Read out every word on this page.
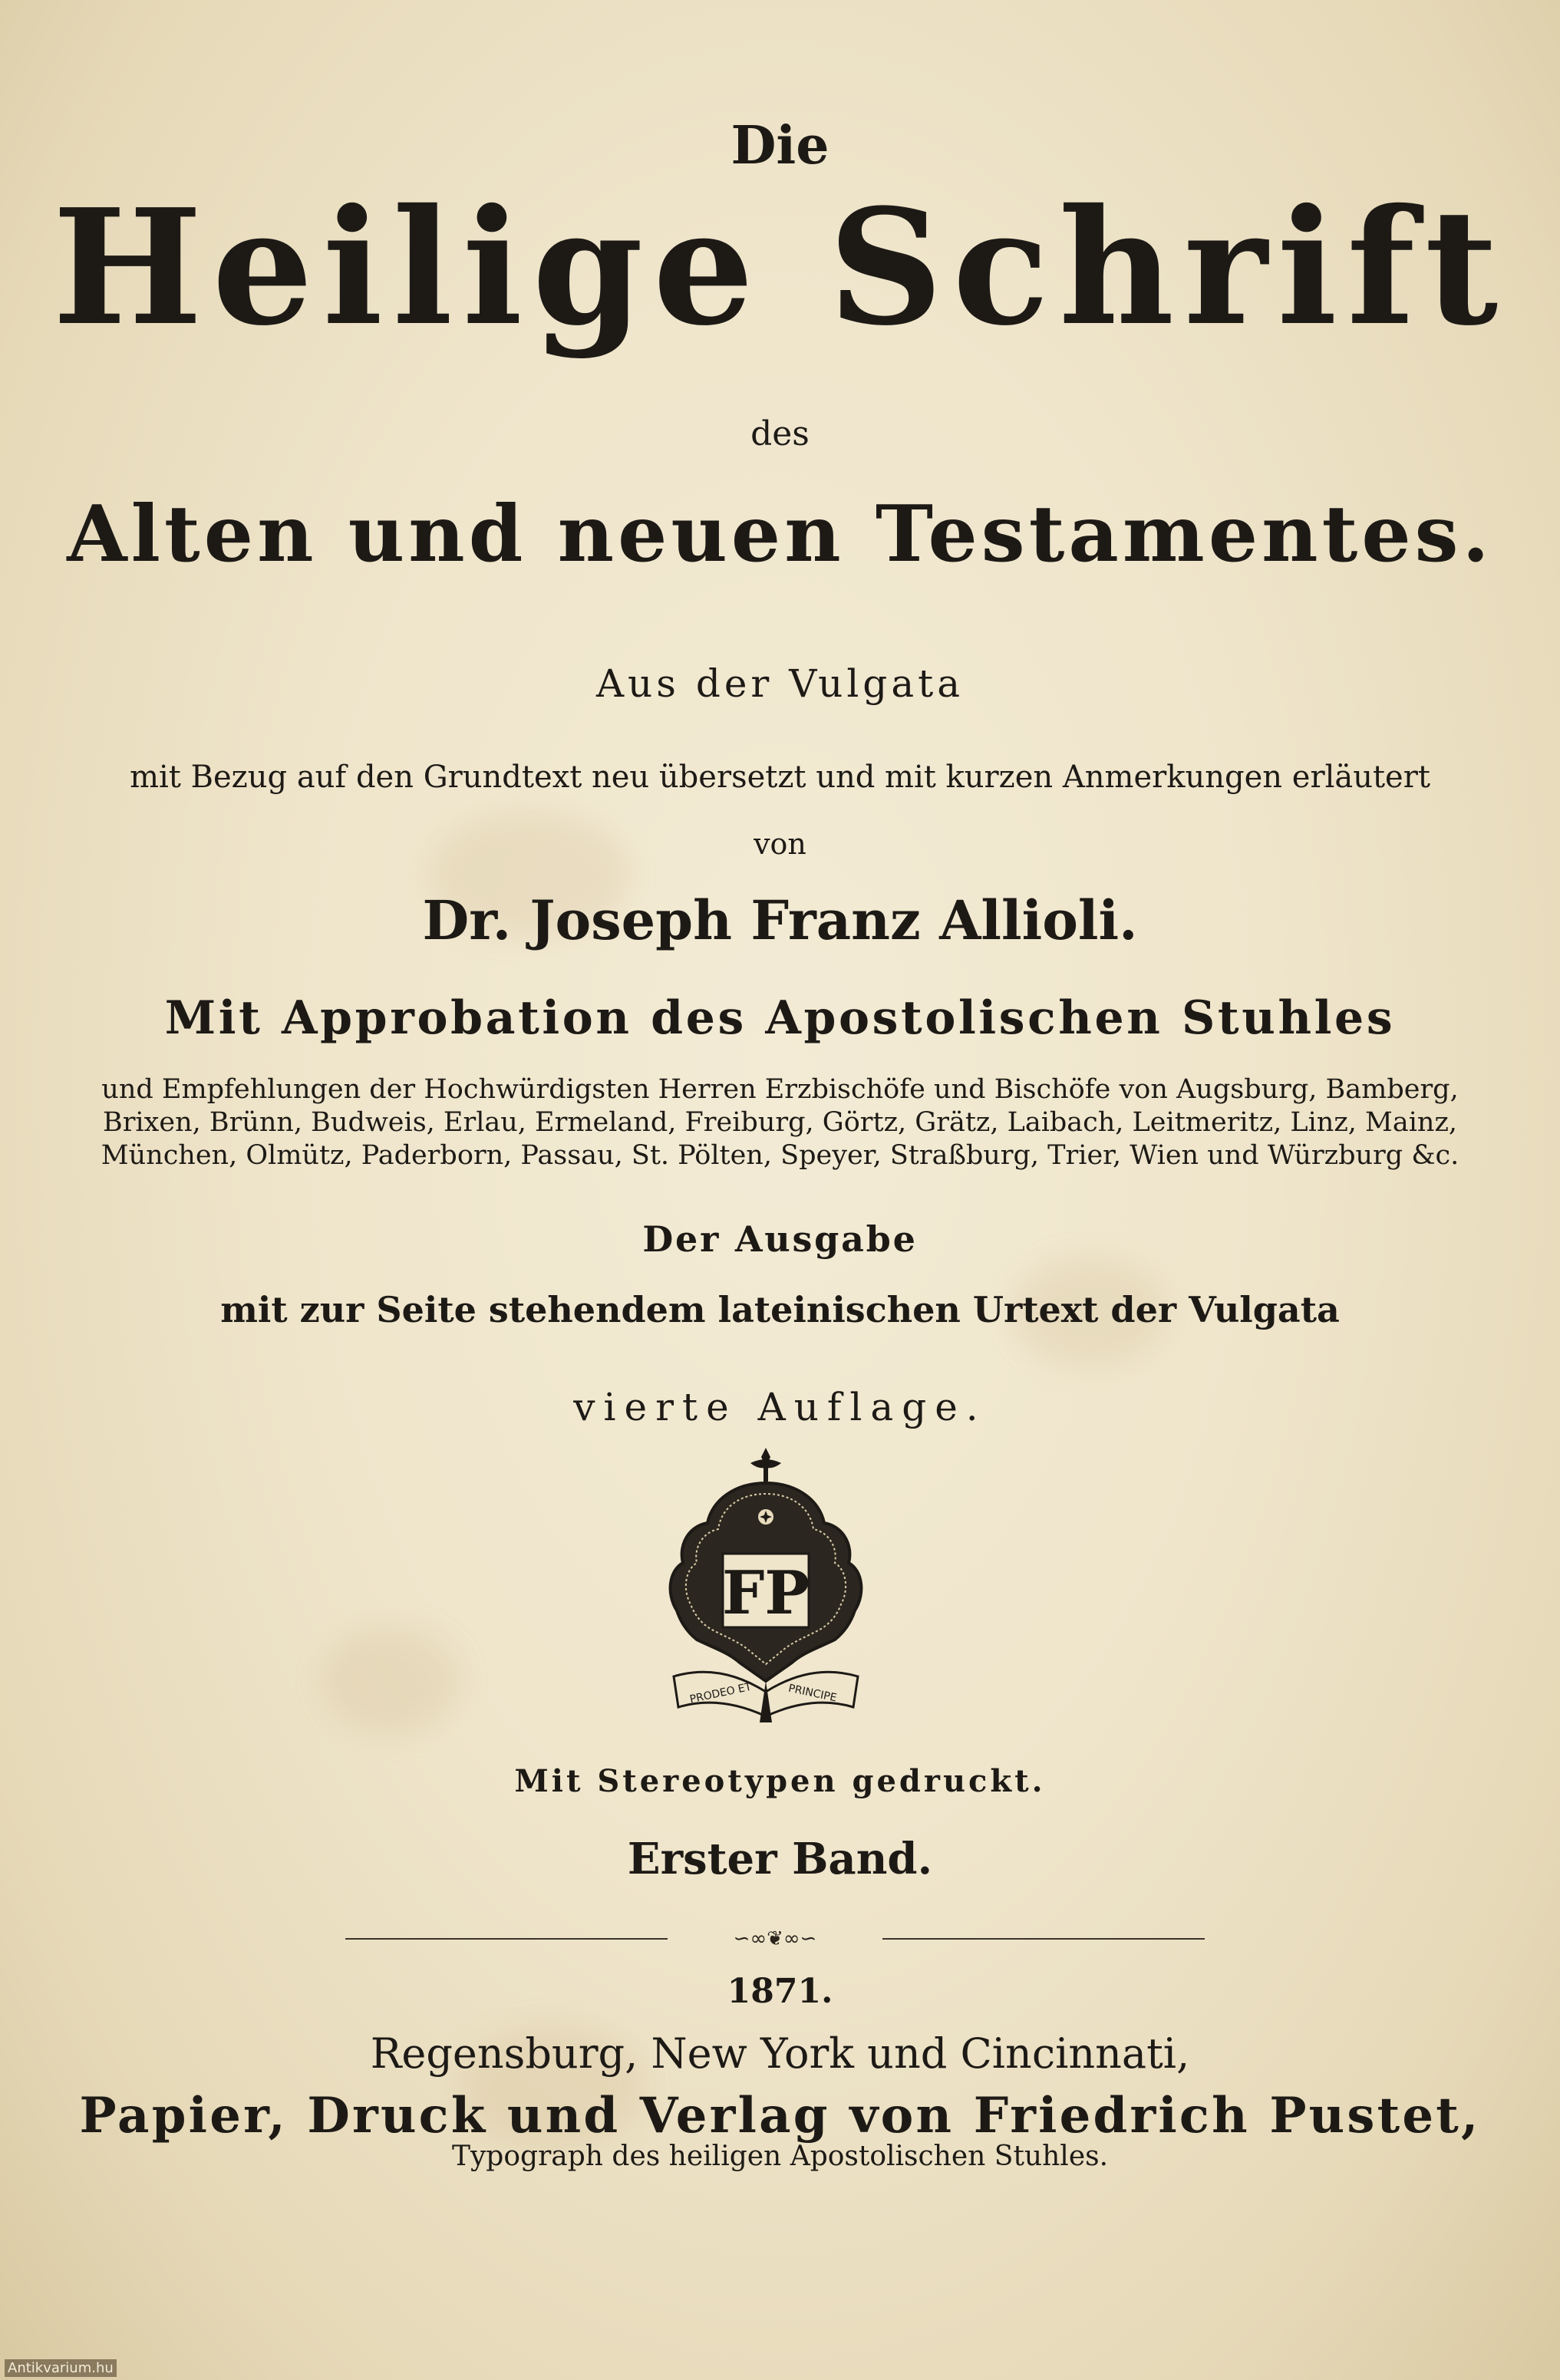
Die
Heilige Schrift
des
Alten und neuen Testamentes.
Aus der Vulgata
mit Bezug auf den Grundtext neu übersetzt und mit kurzen Anmerkungen erläutert
von
Dr. Joseph Franz Allioli.
Mit Approbation des Apostolischen Stuhles
und Empfehlungen der Hochwürdigsten Herren Erzbischöfe und Bischöfe von Augsburg, Bamberg,
Brixen, Brünn, Budweis, Erlau, Ermeland, Freiburg, Görtz, Grätz, Laibach, Leitmeritz, Linz, Mainz,
München, Olmütz, Paderborn, Passau, St. Pölten, Speyer, Straßburg, Trier, Wien und Würzburg &c.
Der Ausgabe
mit zur Seite stehendem lateinischen Urtext der Vulgata
vierte Auflage.
FP
PRODEO ET	PRINCIPE
Mit Stereotypen gedruckt.
Erster Band.
∽∞❦∞∽
1871.
Regensburg, New York und Cincinnati,
Papier, Druck und Verlag von Friedrich Pustet,
Typograph des heiligen Apostolischen Stuhles.
Antikvarium.hu
